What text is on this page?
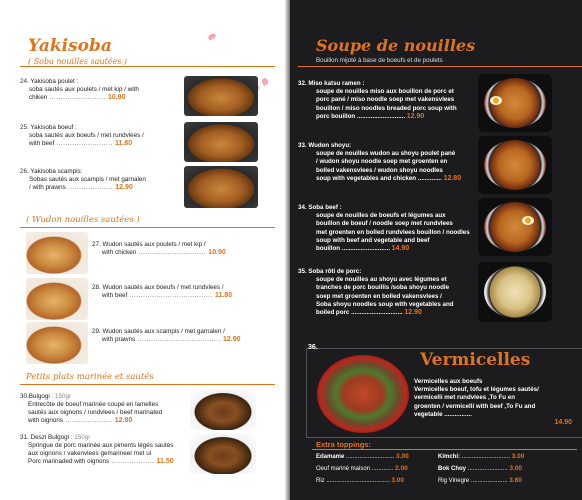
Yakisoba
( Soba nouilles sautées )
24. Yakisoba poulet :
soba sautés aux poulets / met kip / with
chiken ......................... 10.90
25. Yakisoba boeuf :
soba sautés aux boeufs / met rundvlees /
with beef ......................... 11.80
26. Yakisoba scampis:
Sobas sautés aux scampis / met garnalen
/ with prawns .................... 12.90
( Wudon nouilles sautées )
27. Wudon sautés aux poulets / met kip /
with chicken .............................. 10.90
28. Wudon sautés aux boeufs / met rundvlees /
with beef ..................................... 11.80
29. Wudon sautés aux scampis / met garnalen /
with prawns ..................................... 12.90
Petits plats marinée et sautés
30.Bulgogi : 150gr
Entrecôte de boeuf marinée coupé en lamelles
sautés aux oignons / rundvlees / beef marinated
with oignons ..................... 12.80
31. Deszi Bulgogi : 150gr
Springue de porc marinée aux piments légés sautés
aux oignons / vakenvlees gemarineer met ui
Porc marinaded with oignons ................... 11.50
Soupe de nouilles
Bouillon mijoté à base de boeufs et de poulets
32. Miso katsu ramen :
soupe de nouilles miso aux bouillon de porc et
porc pané / miso noodle soep met vakensvlees
bouillon / miso noodles breaded porc soup with
porc bouillon ............................ 12.90
33. Wudon shoyu:
soupe de nouilles wudon au shoyu poulet pané
/ wudon shoyu noodle soep met groenten en
bolled vakensvlees / wudon shoyu noodles
soup with vegetables and chicken .............. 12.80
34. Soba beef :
soupe de nouilles de boeufs et légumes aux
bouillon de boeuf / noodle soep met rundvlees
met groenten en bolled rundvlees bouillon / noodles
soup with beef and vegetable and beef
bouillon ............................ 14.90
35. Soba rôti de porc:
soupe de nouilles au shoyu avec légumes et
tranches de porc bouillis /soba shoyu noodle
soep met groenten en bolled vakensvlees /
Soba shoyu noodles soup with vegetables and
boiled porc .............................. 12.90
36.
Vermicelles
Vermicelles aux boeufs
Vermicelles boeuf, tofu et légumes sautés/
vermicelli met rundvlees ,To Fu en
groenten / vermicelli with beef ,To Fu and
vegetable ................
14.90
Extra toppings:
Edamame ............................. 3.00	Kimchi: ............................. 3.00
Oeuf mariné maison ............. 2.00	Bok Choy ........................ 3.00
Riz ...................................... 3.00	Rig Vinegre ...................... 3.60
